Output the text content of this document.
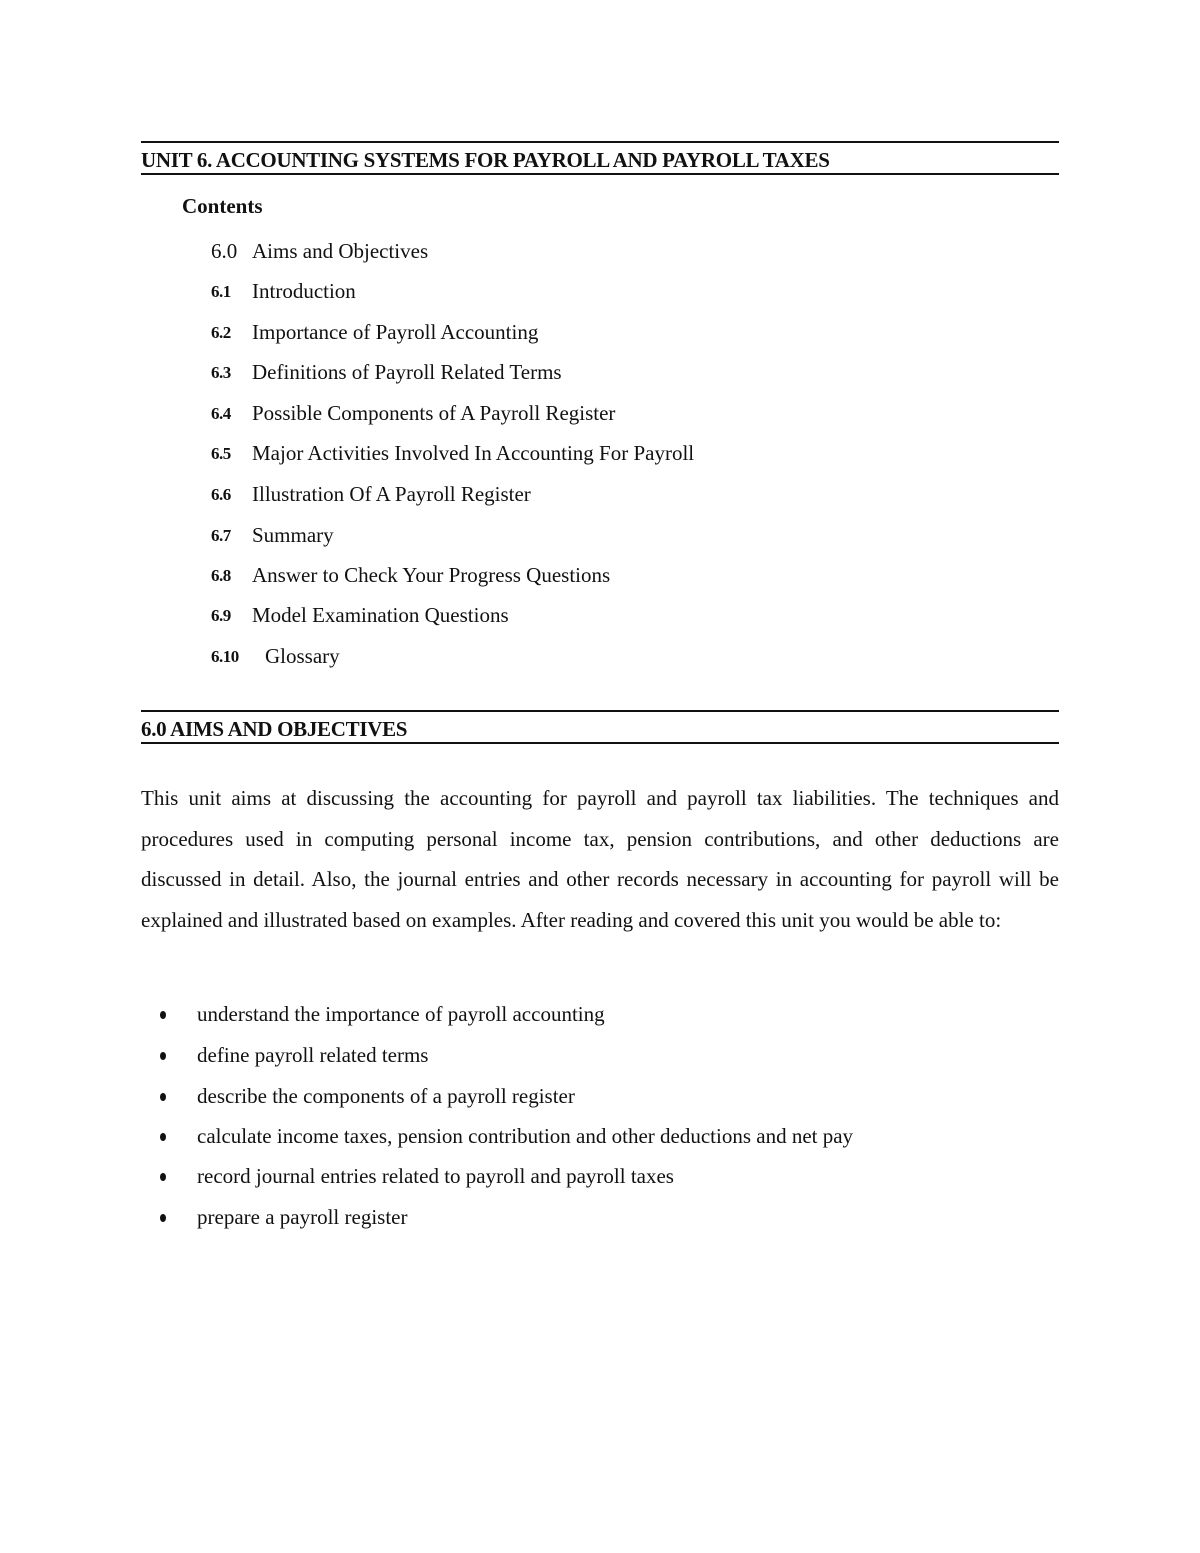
UNIT 6. ACCOUNTING SYSTEMS FOR PAYROLL AND PAYROLL TAXES
Contents
6.0 Aims and Objectives
6.1 Introduction
6.2 Importance of Payroll Accounting
6.3 Definitions of Payroll Related Terms
6.4 Possible Components of A Payroll Register
6.5 Major Activities Involved In Accounting For Payroll
6.6 Illustration Of A Payroll Register
6.7 Summary
6.8 Answer to Check Your Progress Questions
6.9 Model Examination Questions
6.10 Glossary
6.0 AIMS AND OBJECTIVES
This unit aims at discussing the accounting for payroll and payroll tax liabilities. The techniques and procedures used in computing personal income tax, pension contributions, and other deductions are discussed in detail. Also, the journal entries and other records necessary in accounting for payroll will be explained and illustrated based on examples. After reading and covered this unit you would be able to:
understand the importance of payroll accounting
define payroll related terms
describe the components of a payroll register
calculate income taxes, pension contribution and other deductions and net pay
record journal entries related to payroll and payroll taxes
prepare a payroll register
